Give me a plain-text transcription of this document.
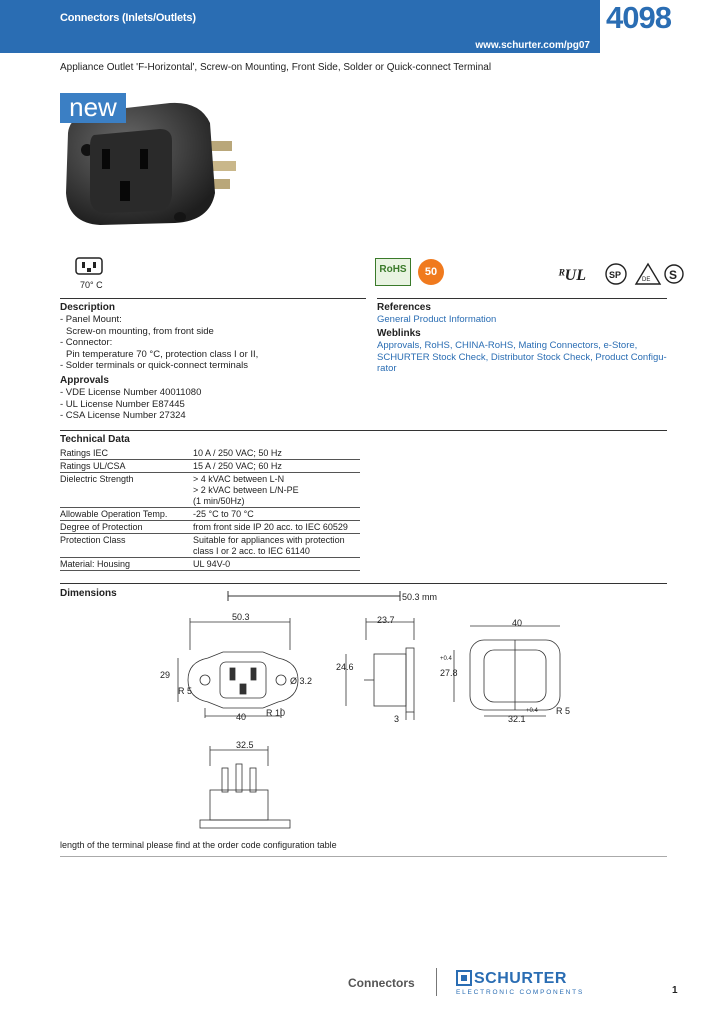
Connectors (Inlets/Outlets)
www.schurter.com/pg07
4098
Appliance Outlet 'F-Horizontal', Screw-on Mounting, Front Side, Solder or Quick-connect Terminal
new
70° C
RoHS	50	ᴿUL	SP	DE S
Description
- Panel Mount:
Screw-on mounting, from front side
- Connector:
Pin temperature 70 °C, protection class I or II,
- Solder terminals or quick-connect terminals
Approvals
- VDE License Number 40011080
- UL License Number E87445
- CSA License Number 27324
References
General Product Information
Weblinks
Approvals, RoHS, CHINA-RoHS, Mating Connectors, e-Store,
SCHURTER Stock Check, Distributor Stock Check, Product Configu-
rator
Technical Data
Ratings IEC	10 A / 250 VAC; 50 Hz
Ratings UL/CSA	15 A / 250 VAC; 60 Hz
Dielectric Strength	> 4 kVAC between L-N
> 2 kVAC between L/N-PE
(1 min/50Hz)
Allowable Operation Temp.	-25 °C to 70 °C
Degree of Protection	from front side IP 20 acc. to IEC 60529
Protection Class	Suitable for appliances with protection
class I or 2 acc. to IEC 61140
Material: Housing	UL 94V-0
Dimensions	50.3 mm
50.3
29
40
R 5
R 10
Ø 3.2
23.7
24.6
3
40
27.8
+0.4
32.1
+0.4 R 5
32.5
length of the terminal please find at the order code configuration table
Connectors	SCHURTER
ELECTRONIC COMPONENTS	1
